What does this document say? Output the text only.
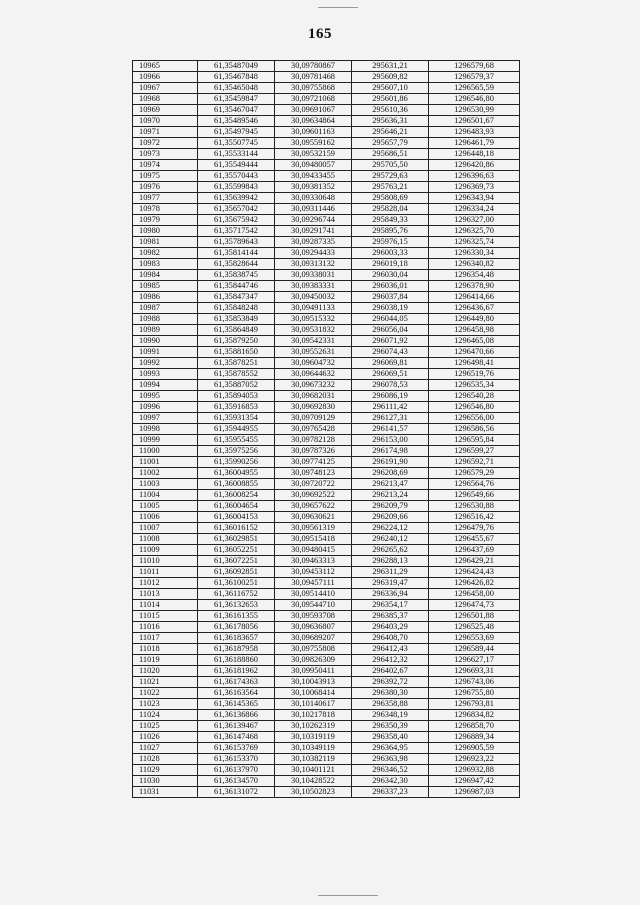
165
10965	61,35487049	30,09780867	295631,21	1296579,68
10966	61,35467848	30,09781468	295609,82	1296579,37
10967	61,35465048	30,09755868	295607,10	1296565,59
10968	61,35459847	30,09721068	295601,86	1296546,80
10969	61,35467047	30,09691067	295610,36	1296530,99
10970	61,35489546	30,09634864	295636,31	1296501,67
10971	61,35497945	30,09601163	295646,21	1296483,93
10972	61,35507745	30,09559162	295657,79	1296461,79
10973	61,35533144	30,09532159	295686,51	1296448,18
10974	61,35549444	30,09480057	295705,50	1296420,86
10975	61,35570443	30,09433455	295729,63	1296396,63
10976	61,35599843	30,09381352	295763,21	1296369,73
10977	61,35639942	30,09330648	295808,69	1296343,94
10978	61,35657042	30,09311446	295828,04	1296334,24
10979	61,35675942	30,09296744	295849,33	1296327,00
10980	61,35717542	30,09291741	295895,76	1296325,70
10981	61,35789643	30,09287335	295976,15	1296325,74
10982	61,35814144	30,09294433	296003,33	1296330,34
10983	61,35828644	30,09313132	296019,18	1296340,82
10984	61,35838745	30,09338031	296030,04	1296354,48
10985	61,35844746	30,09383331	296036,01	1296378,90
10986	61,35847347	30,09450032	296037,84	1296414,66
10987	61,35848248	30,09491133	296038,19	1296436,67
10988	61,35853849	30,09515332	296044,05	1296449,80
10989	61,35864849	30,09531832	296056,04	1296458,98
10990	61,35879250	30,09542331	296071,92	1296465,08
10991	61,35881650	30,09552631	296074,43	1296470,66
10992	61,35878251	30,09604732	296069,81	1296498,41
10993	61,35878552	30,09644632	296069,51	1296519,76
10994	61,35887052	30,09673232	296078,53	1296535,34
10995	61,35894053	30,09682031	296086,19	1296540,28
10996	61,35916853	30,09692830	296111,42	1296546,80
10997	61,35931354	30,09709129	296127,31	1296556,00
10998	61,35944955	30,09765428	296141,57	1296586,56
10999	61,35955455	30,09782128	296153,00	1296595,84
11000	61,35975256	30,09787326	296174,98	1296599,27
11001	61,35990256	30,09774125	296191,90	1296592,71
11002	61,36004955	30,09748123	296208,69	1296579,29
11003	61,36008855	30,09720722	296213,47	1296564,76
11004	61,36008254	30,09692522	296213,24	1296549,66
11005	61,36004654	30,09657622	296209,79	1296530,88
11006	61,36004153	30,09630621	296209,66	1296516,42
11007	61,36016152	30,09561319	296224,12	1296479,76
11008	61,36029851	30,09515418	296240,12	1296455,67
11009	61,36052251	30,09480415	296265,62	1296437,69
11010	61,36072251	30,09463313	296288,13	1296429,21
11011	61,36092851	30,09453112	296311,29	1296424,43
11012	61,36100251	30,09457111	296319,47	1296426,82
11013	61,36116752	30,09514410	296336,94	1296458,00
11014	61,36132653	30,09544710	296354,17	1296474,73
11015	61,36161355	30,09593708	296385,37	1296501,88
11016	61,36178056	30,09636807	296403,29	1296525,48
11017	61,36183657	30,09689207	296408,70	1296553,69
11018	61,36187958	30,09755808	296412,43	1296589,44
11019	61,36188860	30,09826309	296412,32	1296627,17
11020	61,36181962	30,09950411	296402,67	1296693,31
11021	61,36174363	30,10043913	296392,72	1296743,06
11022	61,36163564	30,10068414	296380,30	1296755,80
11023	61,36145365	30,10140617	296358,88	1296793,81
11024	61,36136866	30,10217818	296348,19	1296834,82
11025	61,36139467	30,10262319	296350,39	1296858,70
11026	61,36147468	30,10319119	296358,40	1296889,34
11027	61,36153769	30,10349119	296364,95	1296905,59
11028	61,36153370	30,10382119	296363,98	1296923,22
11029	61,36137970	30,10401121	296346,52	1296932,88
11030	61,36134570	30,10428522	296342,30	1296947,42
11031	61,36131072	30,10502823	296337,23	1296987,03
